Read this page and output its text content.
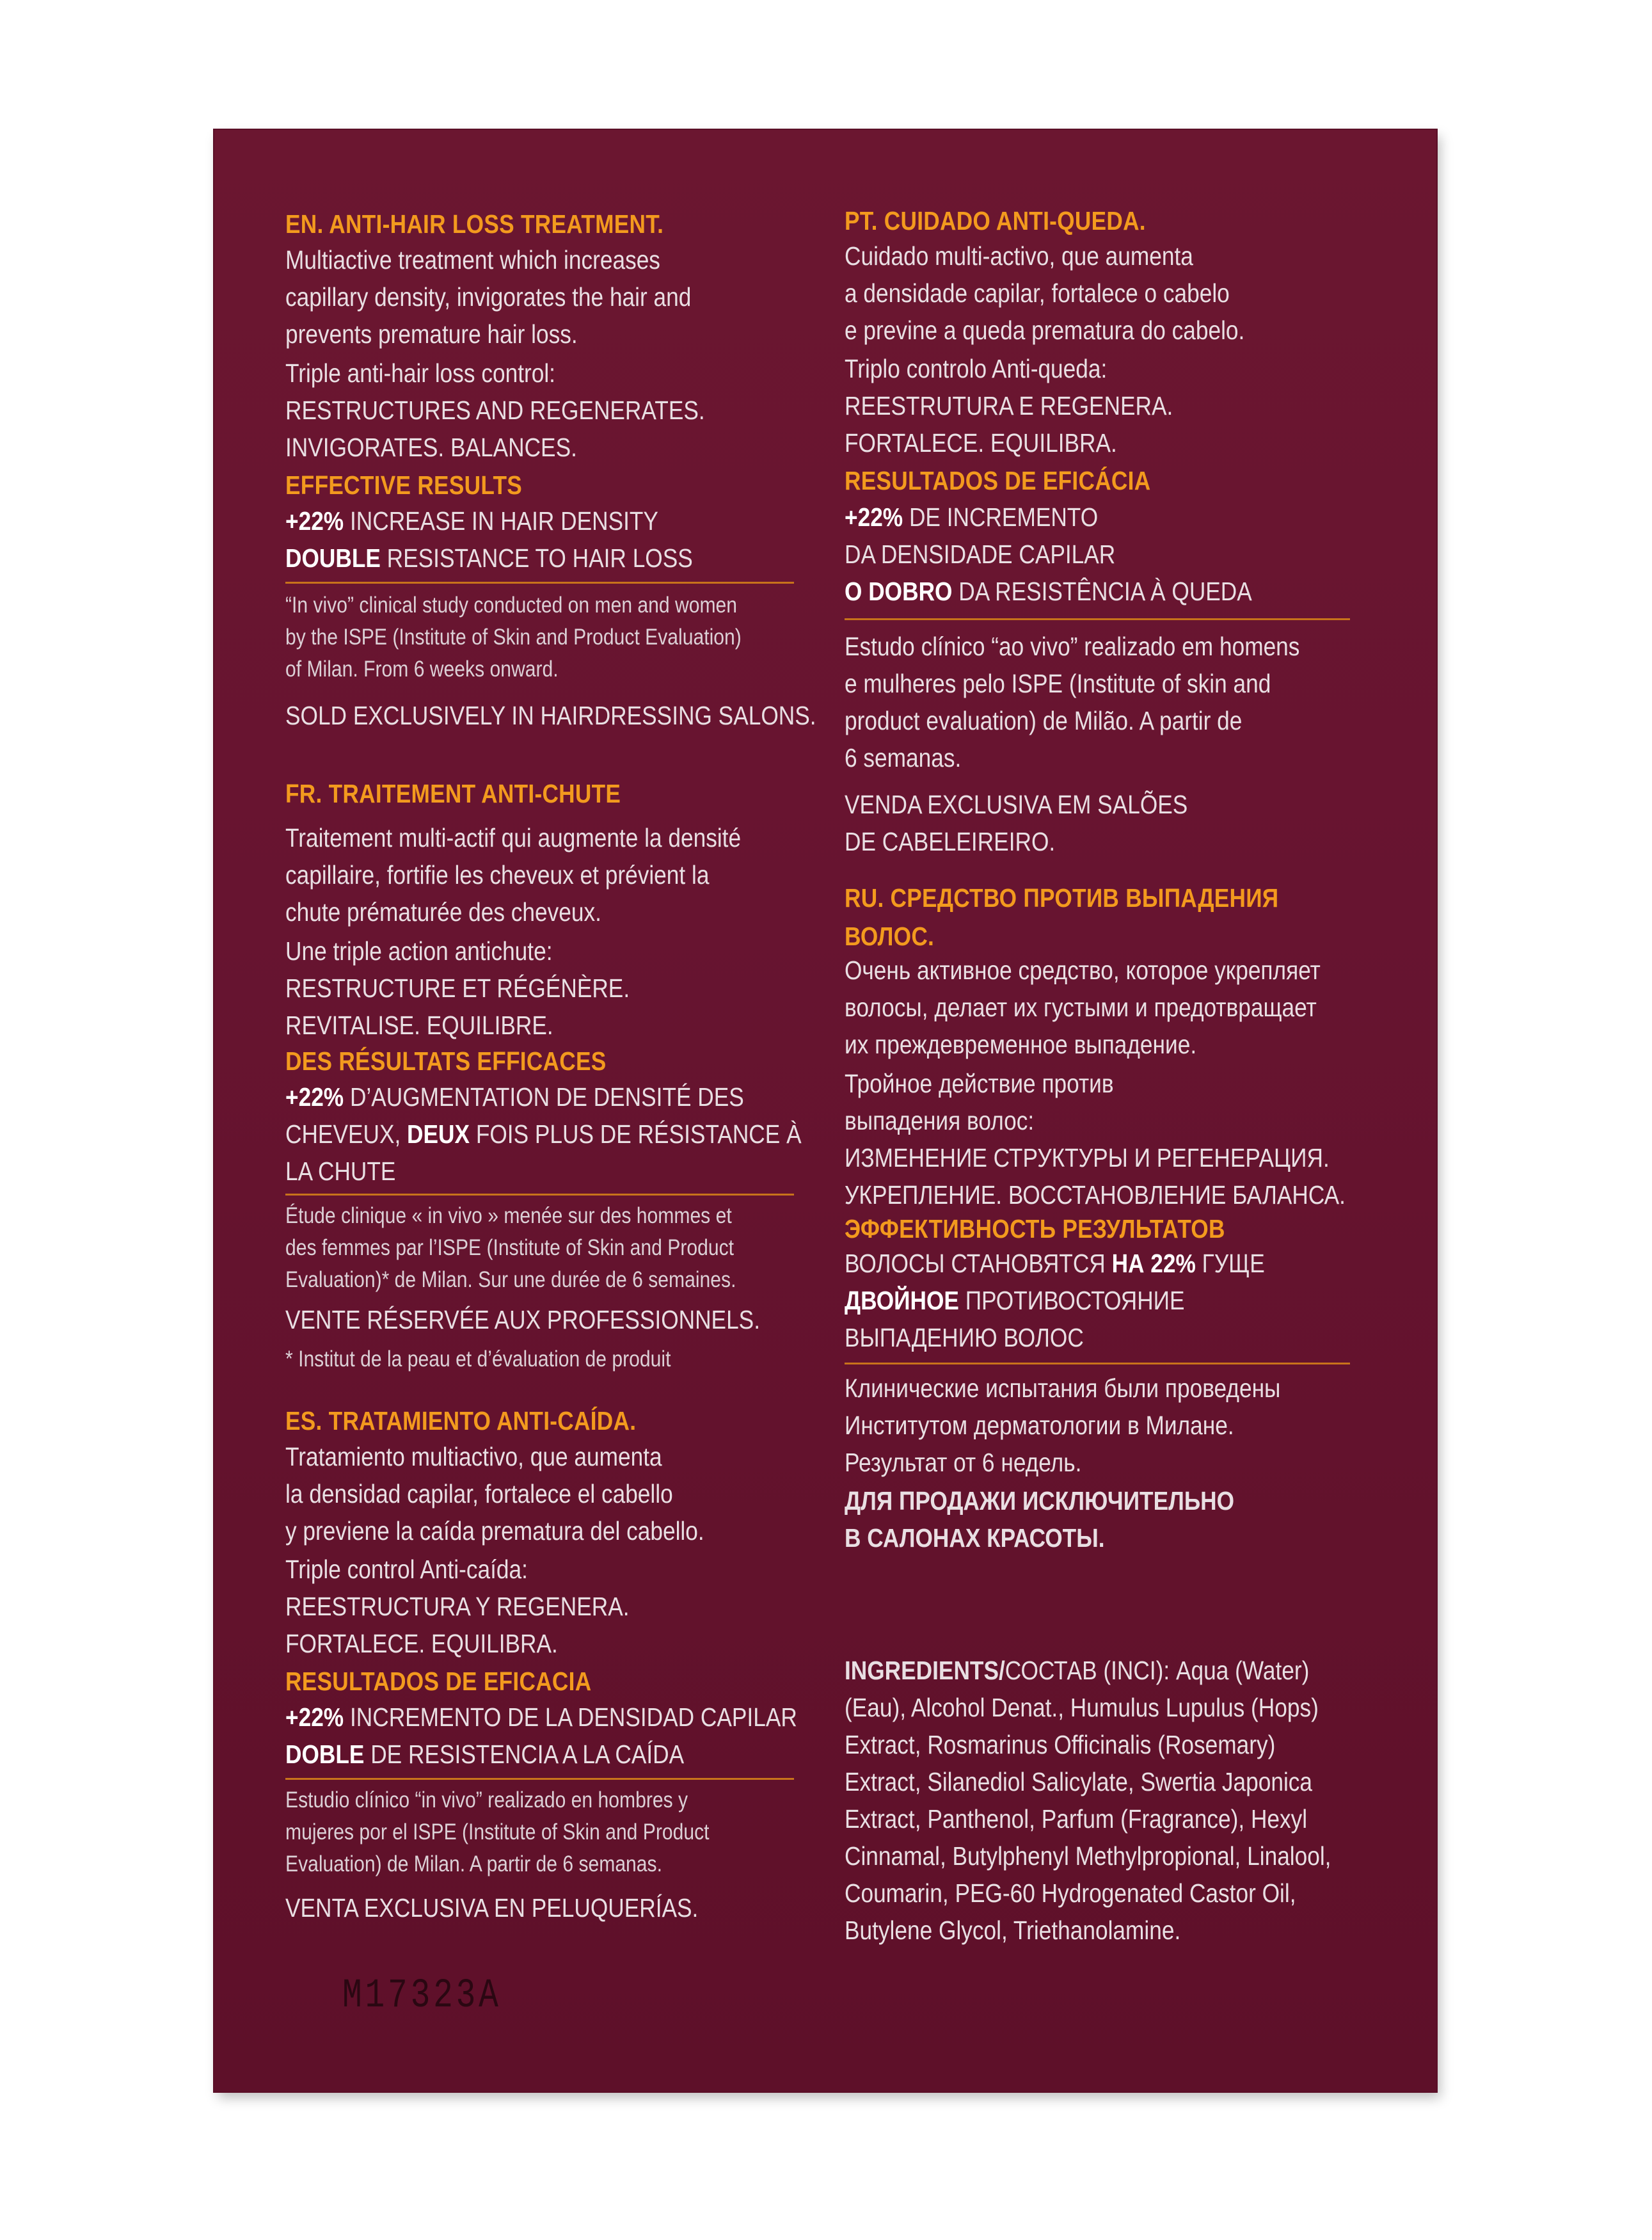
EN. ANTI-HAIR LOSS TREATMENT.
Multiactive treatment which increases
capillary density, invigorates the hair and
prevents premature hair loss.
Triple anti-hair loss control:
RESTRUCTURES AND REGENERATES.
INVIGORATES. BALANCES.
EFFECTIVE RESULTS
+22% INCREASE IN HAIR DENSITY
DOUBLE RESISTANCE TO HAIR LOSS
“In vivo” clinical study conducted on men and women
by the ISPE (Institute of Skin and Product Evaluation)
of Milan. From 6 weeks onward.
SOLD EXCLUSIVELY IN HAIRDRESSING SALONS.
FR. TRAITEMENT ANTI-CHUTE
Traitement multi-actif qui augmente la densité
capillaire, fortifie les cheveux et prévient la
chute prématurée des cheveux.
Une triple action antichute:
RESTRUCTURE ET RÉGÉNÈRE.
REVITALISE. EQUILIBRE.
DES RÉSULTATS EFFICACES
+22% D’AUGMENTATION DE DENSITÉ DES
CHEVEUX, DEUX FOIS PLUS DE RÉSISTANCE À
LA CHUTE
Étude clinique « in vivo » menée sur des hommes et
des femmes par l’ISPE (Institute of Skin and Product
Evaluation)* de Milan. Sur une durée de 6 semaines.
VENTE RÉSERVÉE AUX PROFESSIONNELS.
* Institut de la peau et d’évaluation de produit
ES. TRATAMIENTO ANTI-CAÍDA.
Tratamiento multiactivo, que aumenta
la densidad capilar, fortalece el cabello
y previene la caída prematura del cabello.
Triple control Anti-caída:
REESTRUCTURA Y REGENERA.
FORTALECE. EQUILIBRA.
RESULTADOS DE EFICACIA
+22% INCREMENTO DE LA DENSIDAD CAPILAR
DOBLE DE RESISTENCIA A LA CAÍDA
Estudio clínico “in vivo” realizado en hombres y
mujeres por el ISPE (Institute of Skin and Product
Evaluation) de Milan. A partir de 6 semanas.
VENTA EXCLUSIVA EN PELUQUERÍAS.
M17323A
PT. CUIDADO ANTI-QUEDA.
Cuidado multi-activo, que aumenta
a densidade capilar, fortalece o cabelo
e previne a queda prematura do cabelo.
Triplo controlo Anti-queda:
REESTRUTURA E REGENERA.
FORTALECE. EQUILIBRA.
RESULTADOS DE EFICÁCIA
+22% DE INCREMENTO
DA DENSIDADE CAPILAR
O DOBRO DA RESISTÊNCIA À QUEDA
Estudo clínico “ao vivo” realizado em homens
e mulheres pelo ISPE (Institute of skin and
product evaluation) de Milão. A partir de
6 semanas.
VENDA EXCLUSIVA EM SALÕES
DE CABELEIREIRO.
RU. СРЕДСТВО ПРОТИВ ВЫПАДЕНИЯ
ВОЛОС.
Очень активное средство, которое укрепляет
волосы, делает их густыми и предотвращает
их преждевременное выпадение.
Тройное действие против
выпадения волос:
ИЗМЕНЕНИЕ СТРУКТУРЫ И РЕГЕНЕРАЦИЯ.
УКРЕПЛЕНИЕ. ВОССТАНОВЛЕНИЕ БАЛАНСА.
ЭФФЕКТИВНОСТЬ РЕЗУЛЬТАТОВ
ВОЛОСЫ СТАНОВЯТСЯ НА 22% ГУЩЕ
ДВОЙНОЕ ПРОТИВОСТОЯНИЕ
ВЫПАДЕНИЮ ВОЛОС
Клинические испытания были проведены
Институтом дерматологии в Милане.
Результат от 6 недель.
ДЛЯ ПРОДАЖИ ИСКЛЮЧИТЕЛЬНО
В САЛОНАХ КРАСОТЫ.
INGREDIENTS/СОСТАВ (INCI): Aqua (Water)
(Eau), Alcohol Denat., Humulus Lupulus (Hops)
Extract, Rosmarinus Officinalis (Rosemary)
Extract, Silanediol Salicylate, Swertia Japonica
Extract, Panthenol, Parfum (Fragrance), Hexyl
Cinnamal, Butylphenyl Methylpropional, Linalool,
Coumarin, PEG-60 Hydrogenated Castor Oil,
Butylene Glycol, Triethanolamine.
